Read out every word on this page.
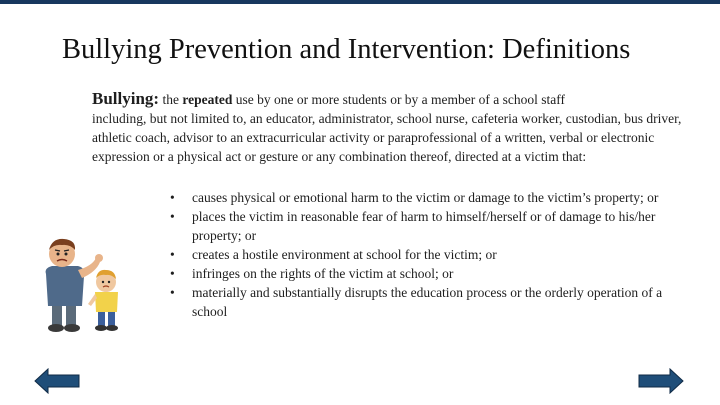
Bullying Prevention and Intervention: Definitions
Bullying: the repeated use by one or more students or by a member of a school staff
including, but not limited to, an educator, administrator, school nurse, cafeteria worker, custodian, bus driver, athletic coach, advisor to an extracurricular activity or paraprofessional of a written, verbal or electronic expression or a physical act or gesture or any combination thereof, directed at a victim that:
• causes physical or emotional harm to the victim or damage to the victim’s property; or
• places the victim in reasonable fear of harm to himself/herself or of damage to his/her property; or
• creates a hostile environment at school for the victim; or
• infringes on the rights of the victim at school; or
• materially and substantially disrupts the education process or the orderly operation of a school
